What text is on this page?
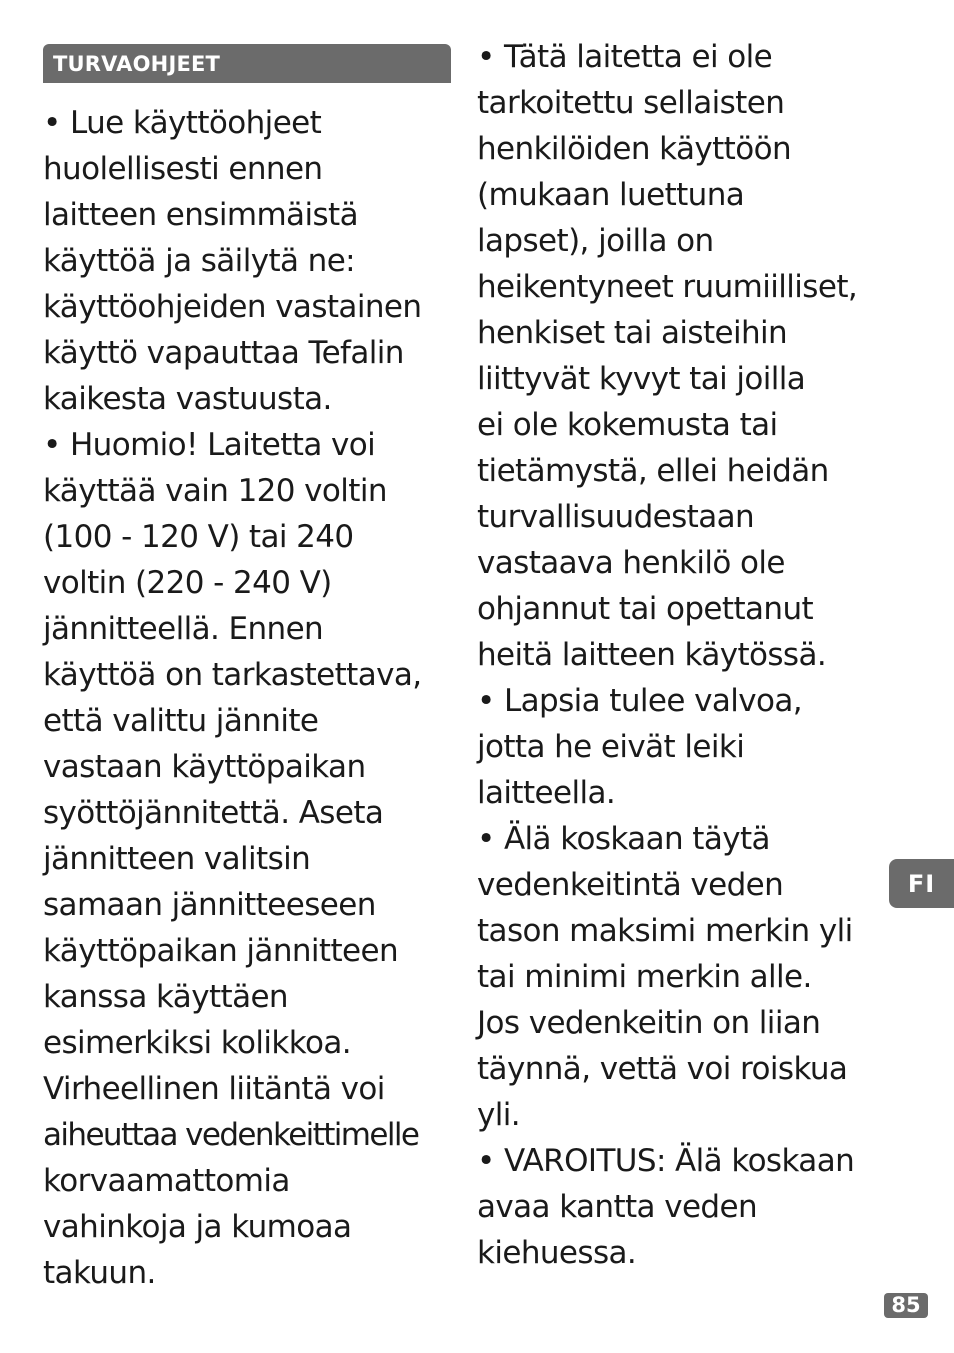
TURVAOHJEET

• Lue käyttöohjeet
huolellisesti ennen
laitteen ensimmäistä
käyttöä ja säilytä ne:
käyttöohjeiden vastainen
käyttö vapauttaa Tefalin
kaikesta vastuusta.

• Huomio! Laitetta voi
käyttää vain 120 voltin
(100 - 120 V) tai 240
voltin (220 - 240 V)
jännitteellä. Ennen
käyttöä on tarkastettava,
että valittu jännite
vastaan käyttöpaikan
syöttöjännitettä. Aseta
jännitteen valitsin
samaan jännitteeseen
käyttöpaikan jännitteen
kanssa käyttäen
esimerkiksi kolikkoa.
Virheellinen liitäntä voi
aiheuttaa vedenkeittimelle
korvaamattomia
vahinkoja ja kumoaa
takuun.

• Tätä laitetta ei ole
tarkoitettu sellaisten
henkilöiden käyttöön
(mukaan luettuna
lapset), joilla on
heikentyneet ruumiilliset,
henkiset tai aisteihin
liittyvät kyvyt tai joilla
ei ole kokemusta tai
tietämystä, ellei heidän
turvallisuudestaan
vastaava henkilö ole
ohjannut tai opettanut
heitä laitteen käytössä.

• Lapsia tulee valvoa,
jotta he eivät leiki
laitteella.

• Älä koskaan täytä
vedenkeitintä veden
tason maksimi merkin yli
tai minimi merkin alle.
Jos vedenkeitin on liian
täynnä, vettä voi roiskua
yli.

• VAROITUS: Älä koskaan
avaa kantta veden
kiehuessa.

FI
85
